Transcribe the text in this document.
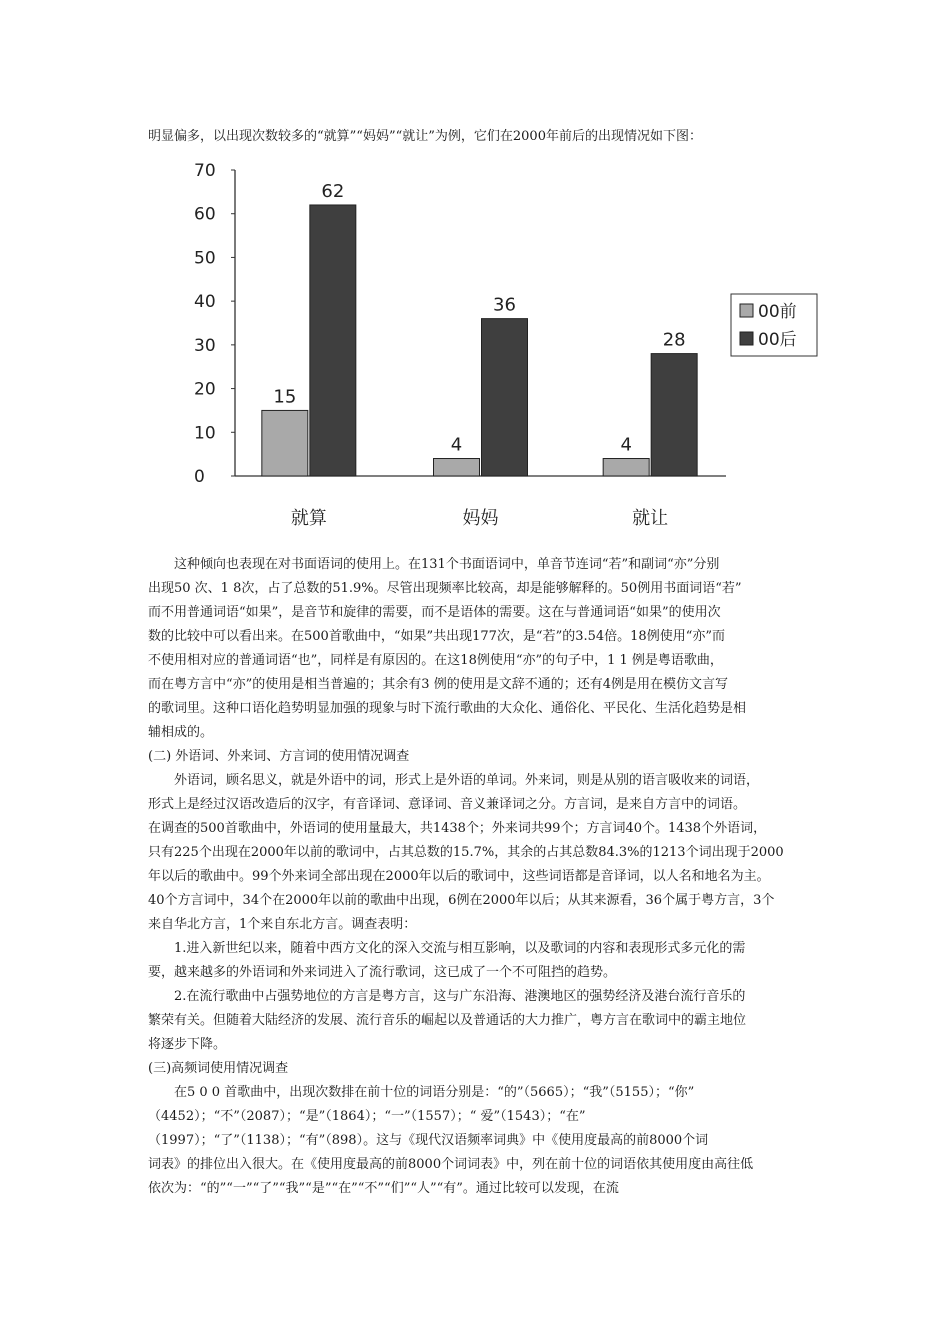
明显偏多，以出现次数较多的“就算”“妈妈”“就让”为例，它们在2000年前后的出现情况如下图：
0
10
20
30
40
50
60
70
15
62
4
36
4
28
就算	妈妈	就让
00前
00后
这种倾向也表现在对书面语词的使用上。在131个书面语词中，单音节连词“若”和副词“亦”分别
出现50 次、1 8次，占了总数的51.9%。尽管出现频率比较高，却是能够解释的。50例用书面词语“若”
而不用普通词语“如果”，是音节和旋律的需要，而不是语体的需要。这在与普通词语“如果”的使用次
数的比较中可以看出来。在500首歌曲中，“如果”共出现177次，是“若”的3.54倍。18例使用“亦”而
不使用相对应的普通词语“也”，同样是有原因的。在这18例使用“亦”的句子中，1 1 例是粤语歌曲，
而在粤方言中“亦”的使用是相当普遍的；其余有3 例的使用是文辞不通的；还有4例是用在模仿文言写
的歌词里。这种口语化趋势明显加强的现象与时下流行歌曲的大众化、通俗化、平民化、生活化趋势是相
辅相成的。
(二) 外语词、外来词、方言词的使用情况调查
外语词，顾名思义，就是外语中的词，形式上是外语的单词。外来词，则是从别的语言吸收来的词语，
形式上是经过汉语改造后的汉字，有音译词、意译词、音义兼译词之分。方言词，是来自方言中的词语。
在调查的500首歌曲中，外语词的使用量最大，共1438个；外来词共99个；方言词40个。1438个外语词，
只有225个出现在2000年以前的歌词中，占其总数的15.7%，其余的占其总数84.3%的1213个词出现于2000
年以后的歌曲中。99个外来词全部出现在2000年以后的歌词中，这些词语都是音译词，以人名和地名为主。
40个方言词中，34个在2000年以前的歌曲中出现，6例在2000年以后；从其来源看，36个属于粤方言，3个
来自华北方言，1个来自东北方言。调查表明：
1.进入新世纪以来，随着中西方文化的深入交流与相互影响，以及歌词的内容和表现形式多元化的需
要，越来越多的外语词和外来词进入了流行歌词，这已成了一个不可阻挡的趋势。
2.在流行歌曲中占强势地位的方言是粤方言，这与广东沿海、港澳地区的强势经济及港台流行音乐的
繁荣有关。但随着大陆经济的发展、流行音乐的崛起以及普通话的大力推广，粤方言在歌词中的霸主地位
将逐步下降。
(三)高频词使用情况调查
在5 0 0 首歌曲中，出现次数排在前十位的词语分别是：“的”（5665）；“我”（5155）；“你”
（4452）；“不”（2087）；“是”（1864）；“一”（1557）；“ 爱”（1543）；“在”
（1997）；“了”（1138）；“有”（898）。这与《现代汉语频率词典》中《使用度最高的前8000个词
词表》的排位出入很大。在《使用度最高的前8000个词词表》中，列在前十位的词语依其使用度由高往低
依次为：“的”“一”“了”“我”“是”“在”“不”“们”“人”“有”。通过比较可以发现，在流
